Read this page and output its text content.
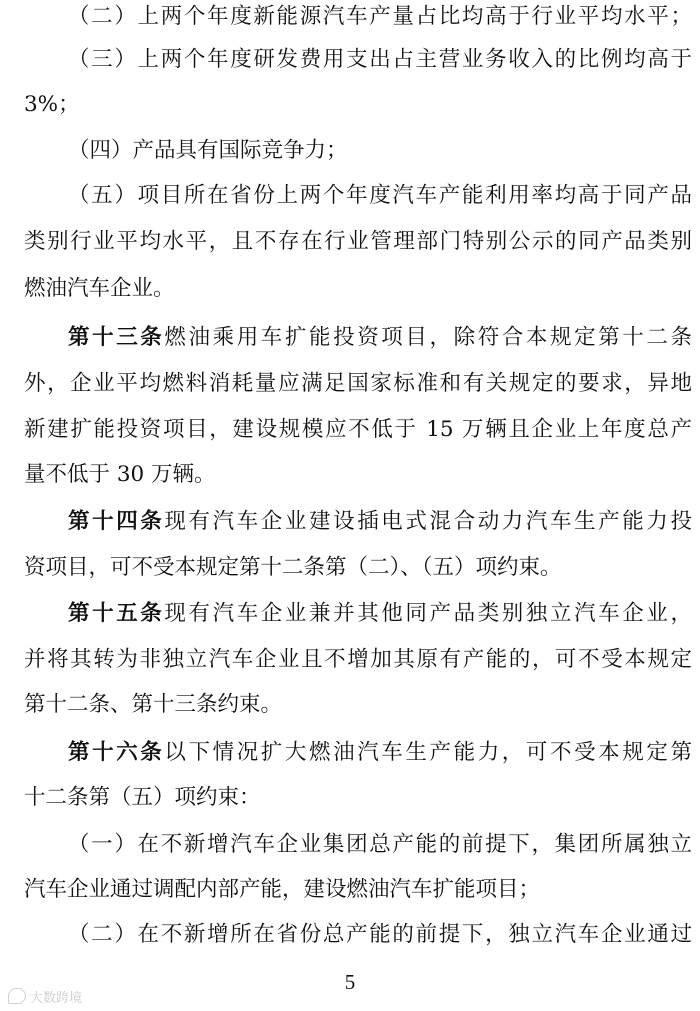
（二）上两个年度新能源汽车产量占比均高于行业平均水平；
（三）上两个年度研发费用支出占主营业务收入的比例均高于
3%；
（四）产品具有国际竞争力；
（五）项目所在省份上两个年度汽车产能利用率均高于同产品
类别行业平均水平，且不存在行业管理部门特别公示的同产品类别
燃油汽车企业。
第十三条燃油乘用车扩能投资项目，除符合本规定第十二条
外，企业平均燃料消耗量应满足国家标准和有关规定的要求，异地
新建扩能投资项目，建设规模应不低于 15 万辆且企业上年度总产
量不低于 30 万辆。
第十四条现有汽车企业建设插电式混合动力汽车生产能力投
资项目，可不受本规定第十二条第（二）、（五）项约束。
第十五条现有汽车企业兼并其他同产品类别独立汽车企业，
并将其转为非独立汽车企业且不增加其原有产能的，可不受本规定
第十二条、第十三条约束。
第十六条以下情况扩大燃油汽车生产能力，可不受本规定第
十二条第（五）项约束：
（一）在不新增汽车企业集团总产能的前提下，集团所属独立
汽车企业通过调配内部产能，建设燃油汽车扩能项目；
（二）在不新增所在省份总产能的前提下，独立汽车企业通过
5
大数跨境
